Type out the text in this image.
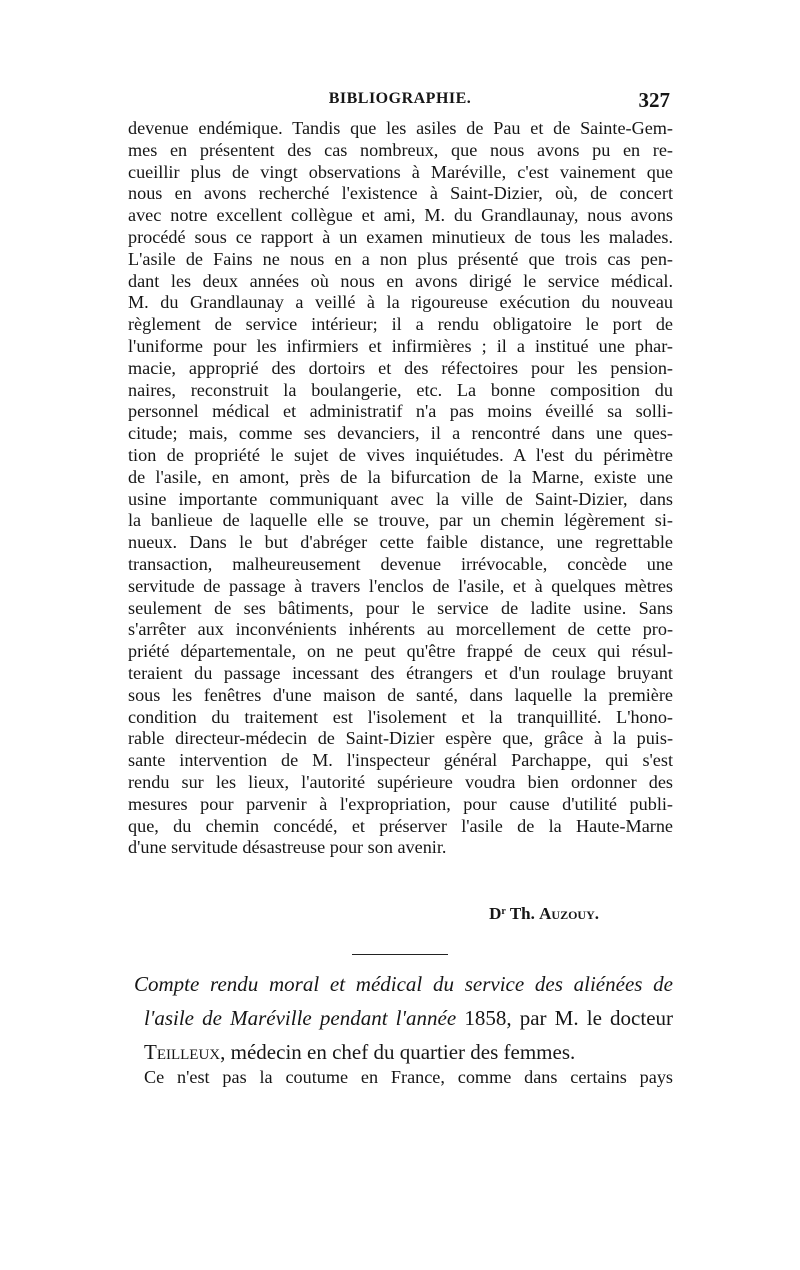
BIBLIOGRAPHIE.	327
devenue endémique. Tandis que les asiles de Pau et de Sainte-Gem-
mes en présentent des cas nombreux, que nous avons pu en re-
cueillir plus de vingt observations à Maréville, c'est vainement que
nous en avons recherché l'existence à Saint-Dizier, où, de concert
avec notre excellent collègue et ami, M. du Grandlaunay, nous avons
procédé sous ce rapport à un examen minutieux de tous les malades.
L'asile de Fains ne nous en a non plus présenté que trois cas pen-
dant les deux années où nous en avons dirigé le service médical.
M. du Grandlaunay a veillé à la rigoureuse exécution du nouveau
règlement de service intérieur; il a rendu obligatoire le port de
l'uniforme pour les infirmiers et infirmières ; il a institué une phar-
macie, approprié des dortoirs et des réfectoires pour les pension-
naires, reconstruit la boulangerie, etc. La bonne composition du
personnel médical et administratif n'a pas moins éveillé sa solli-
citude; mais, comme ses devanciers, il a rencontré dans une ques-
tion de propriété le sujet de vives inquiétudes. A l'est du périmètre
de l'asile, en amont, près de la bifurcation de la Marne, existe une
usine importante communiquant avec la ville de Saint-Dizier, dans
la banlieue de laquelle elle se trouve, par un chemin légèrement si-
nueux. Dans le but d'abréger cette faible distance, une regrettable
transaction, malheureusement devenue irrévocable, concède une
servitude de passage à travers l'enclos de l'asile, et à quelques mètres
seulement de ses bâtiments, pour le service de ladite usine. Sans
s'arrêter aux inconvénients inhérents au morcellement de cette pro-
priété départementale, on ne peut qu'être frappé de ceux qui résul-
teraient du passage incessant des étrangers et d'un roulage bruyant
sous les fenêtres d'une maison de santé, dans laquelle la première
condition du traitement est l'isolement et la tranquillité. L'hono-
rable directeur-médecin de Saint-Dizier espère que, grâce à la puis-
sante intervention de M. l'inspecteur général Parchappe, qui s'est
rendu sur les lieux, l'autorité supérieure voudra bien ordonner des
mesures pour parvenir à l'expropriation, pour cause d'utilité publi-
que, du chemin concédé, et préserver l'asile de la Haute-Marne
d'une servitude désastreuse pour son avenir.
$D^r$ Th. Auzouy.
Compte rendu moral et médical du service des aliénées de
l'asile de Maréville pendant l'année 1858, par M. le docteur
Teilleux, médecin en chef du quartier des femmes.
Ce n'est pas la coutume en France, comme dans certains pays
